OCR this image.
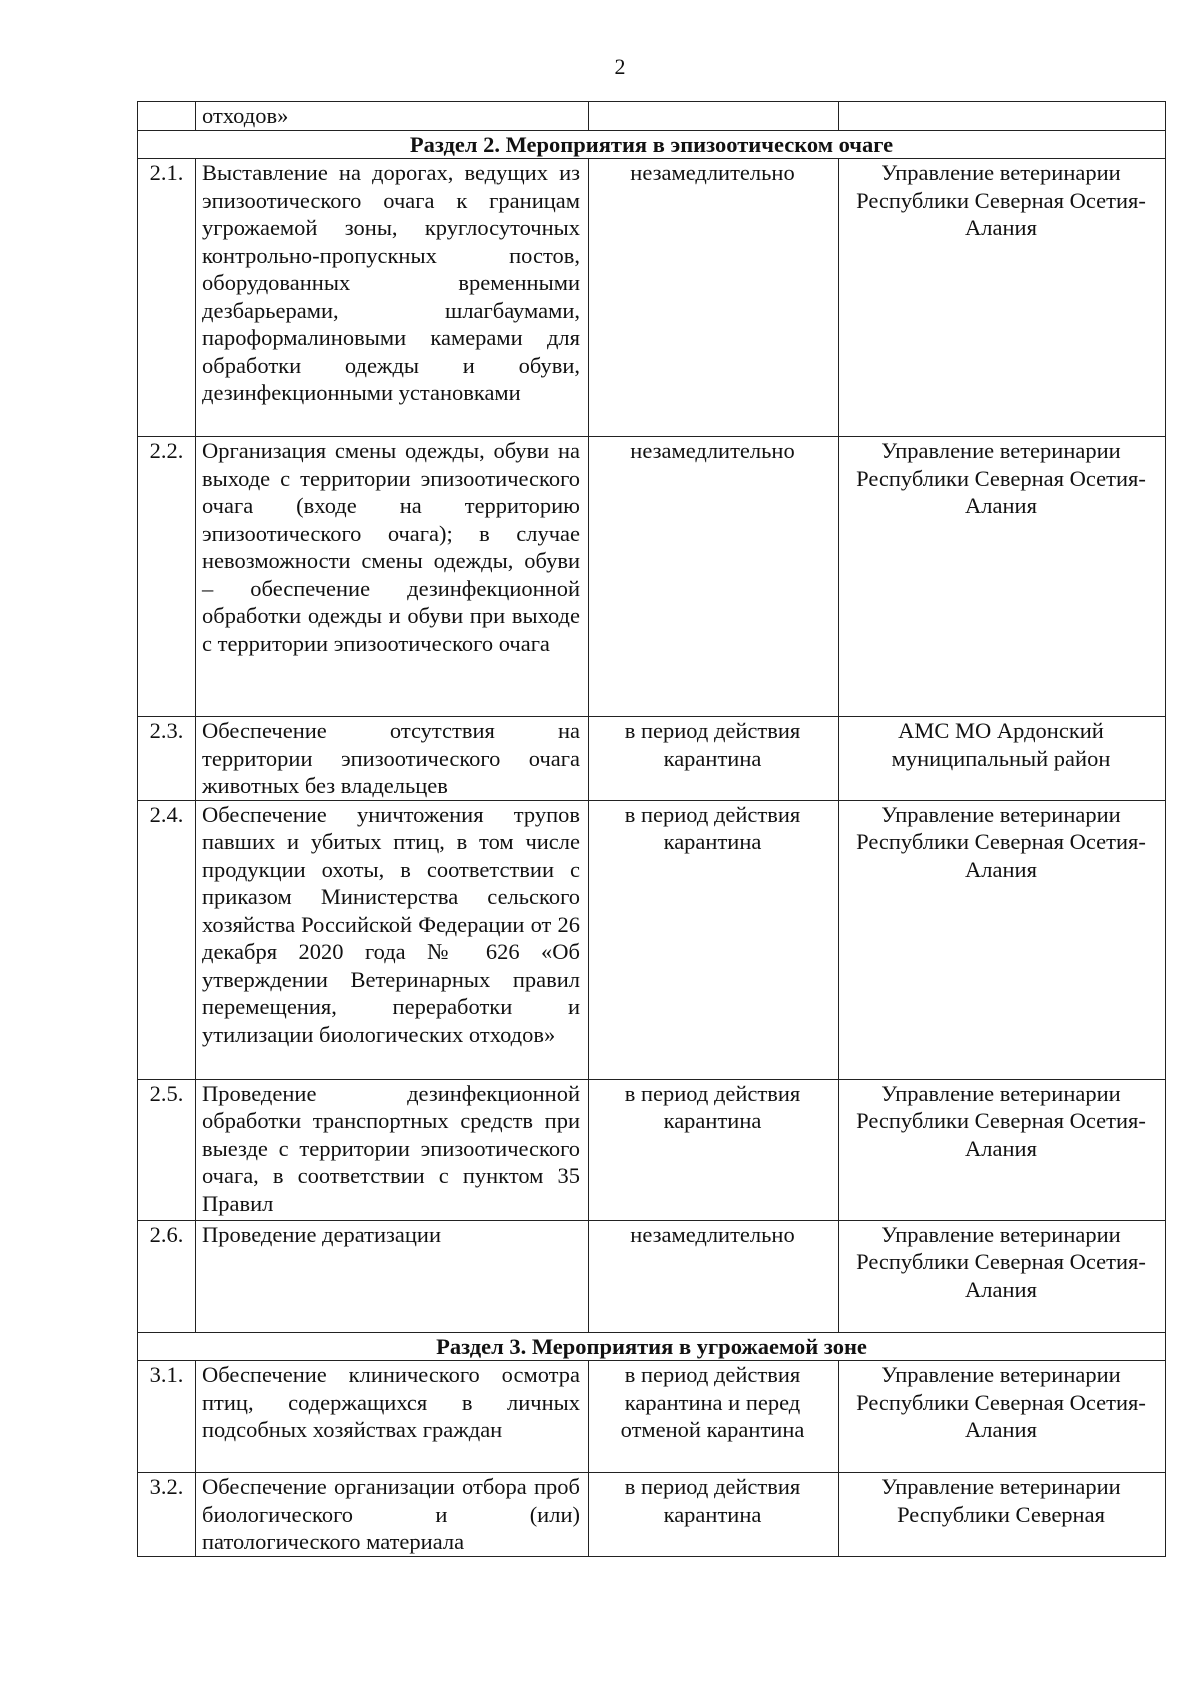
2
	отходов»		
Раздел 2. Мероприятия в эпизоотическом очаге			
2.1.	Выставление на дорогах, ведущих из эпизоотического очага к границам угрожаемой зоны, круглосуточных контрольно-пропускных постов, оборудованных временными дезбарьерами, шлагбаумами, пароформалиновыми камерами для обработки одежды и обуви, дезинфекционными установками	незамедлительно	Управление ветеринарии Республики Северная Осетия-Алания
2.2.	Организация смены одежды, обуви на выходе с территории эпизоотического очага (входе на территорию эпизоотического очага); в случае невозможности смены одежды, обуви – обеспечение дезинфекционной обработки одежды и обуви при выходе с территории эпизоотического очага	незамедлительно	Управление ветеринарии Республики Северная Осетия-Алания
2.3.	Обеспечение отсутствия на территории эпизоотического очага животных без владельцев	в период действия карантина	АМС МО Ардонский муниципальный район
2.4.	Обеспечение уничтожения трупов павших и убитых птиц, в том числе продукции охоты, в соответствии с приказом Министерства сельского хозяйства Российской Федерации от 26 декабря 2020 года № 626 «Об утверждении Ветеринарных правил перемещения, переработки и утилизации биологических отходов»	в период действия карантина	Управление ветеринарии Республики Северная Осетия-Алания
2.5.	Проведение дезинфекционной обработки транспортных средств при выезде с территории эпизоотического очага, в соответствии с пунктом 35 Правил	в период действия карантина	Управление ветеринарии Республики Северная Осетия-Алания
2.6.	Проведение дератизации	незамедлительно	Управление ветеринарии Республики Северная Осетия-Алания
Раздел 3. Мероприятия в угрожаемой зоне			
3.1.	Обеспечение клинического осмотра птиц, содержащихся в личных подсобных хозяйствах граждан	в период действия карантина и перед отменой карантина	Управление ветеринарии Республики Северная Осетия-Алания
3.2.	Обеспечение организации отбора проб биологического и (или) патологического материала	в период действия карантина	Управление ветеринарии Республики Северная
